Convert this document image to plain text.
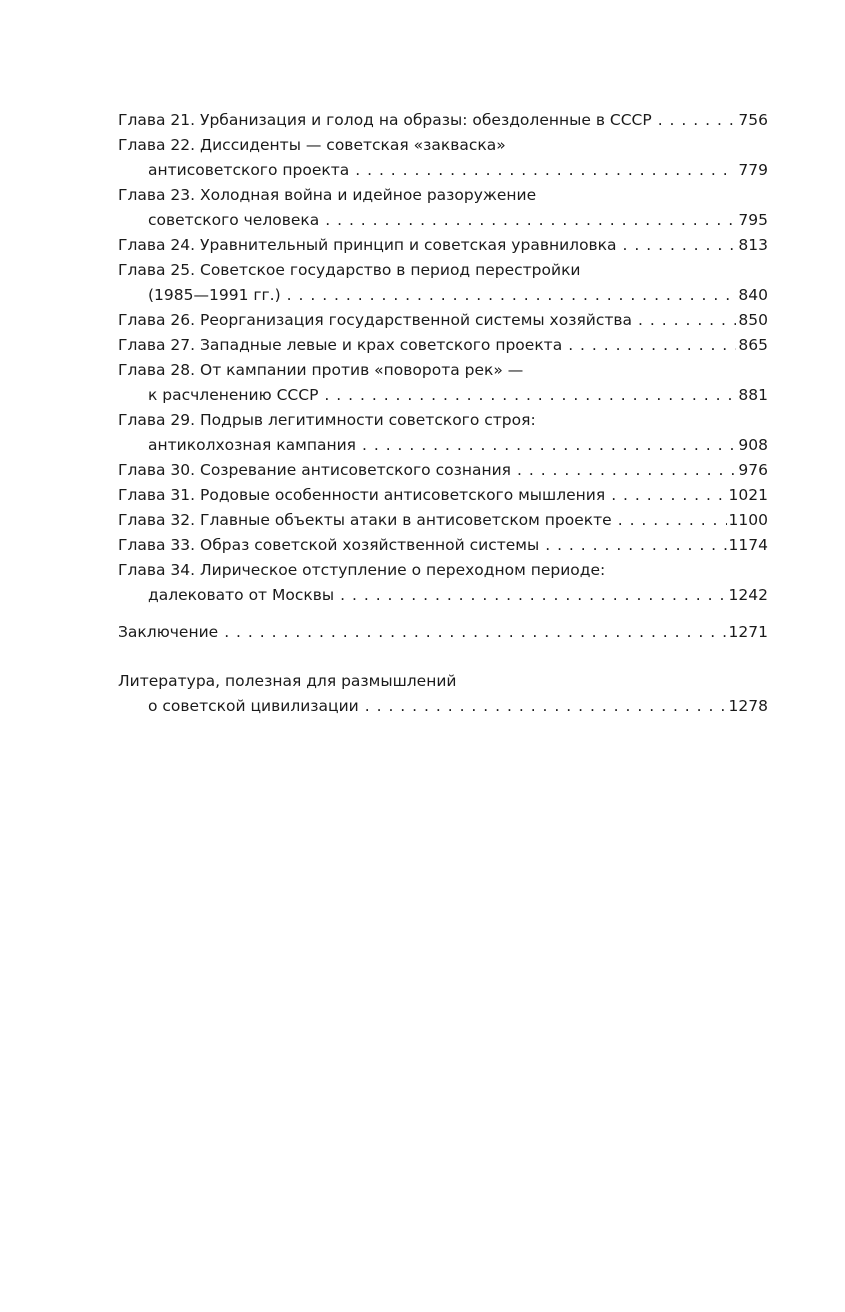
Глава 21. Урбанизация и голод на образы: обездоленные в СССР . . .	756
Глава 22. Диссиденты — советская «закваска»
антисоветского проекта . . .	779
Глава 23. Холодная война и идейное разоружение
советского человека . . .	795
Глава 24. Уравнительный принцип и советская уравниловка . . .	813
Глава 25. Советское государство в период перестройки
(1985—1991 гг.) . . .	840
Глава 26. Реорганизация государственной системы хозяйства . . .	850
Глава 27. Западные левые и крах советского проекта . . .	865
Глава 28. От кампании против «поворота рек» —
к расчленению СССР . . .	881
Глава 29. Подрыв легитимности советского строя:
антиколхозная кампания . . .	908
Глава 30. Созревание антисоветского сознания . . .	976
Глава 31. Родовые особенности антисоветского мышления . . .	1021
Глава 32. Главные объекты атаки в антисоветском проекте . . .	1100
Глава 33. Образ советской хозяйственной системы . . .	1174
Глава 34. Лирическое отступление о переходном периоде:
далековато от Москвы . . .	1242
Заключение . . .	1271
Литература, полезная для размышлений
о советской цивилизации . . .	1278
